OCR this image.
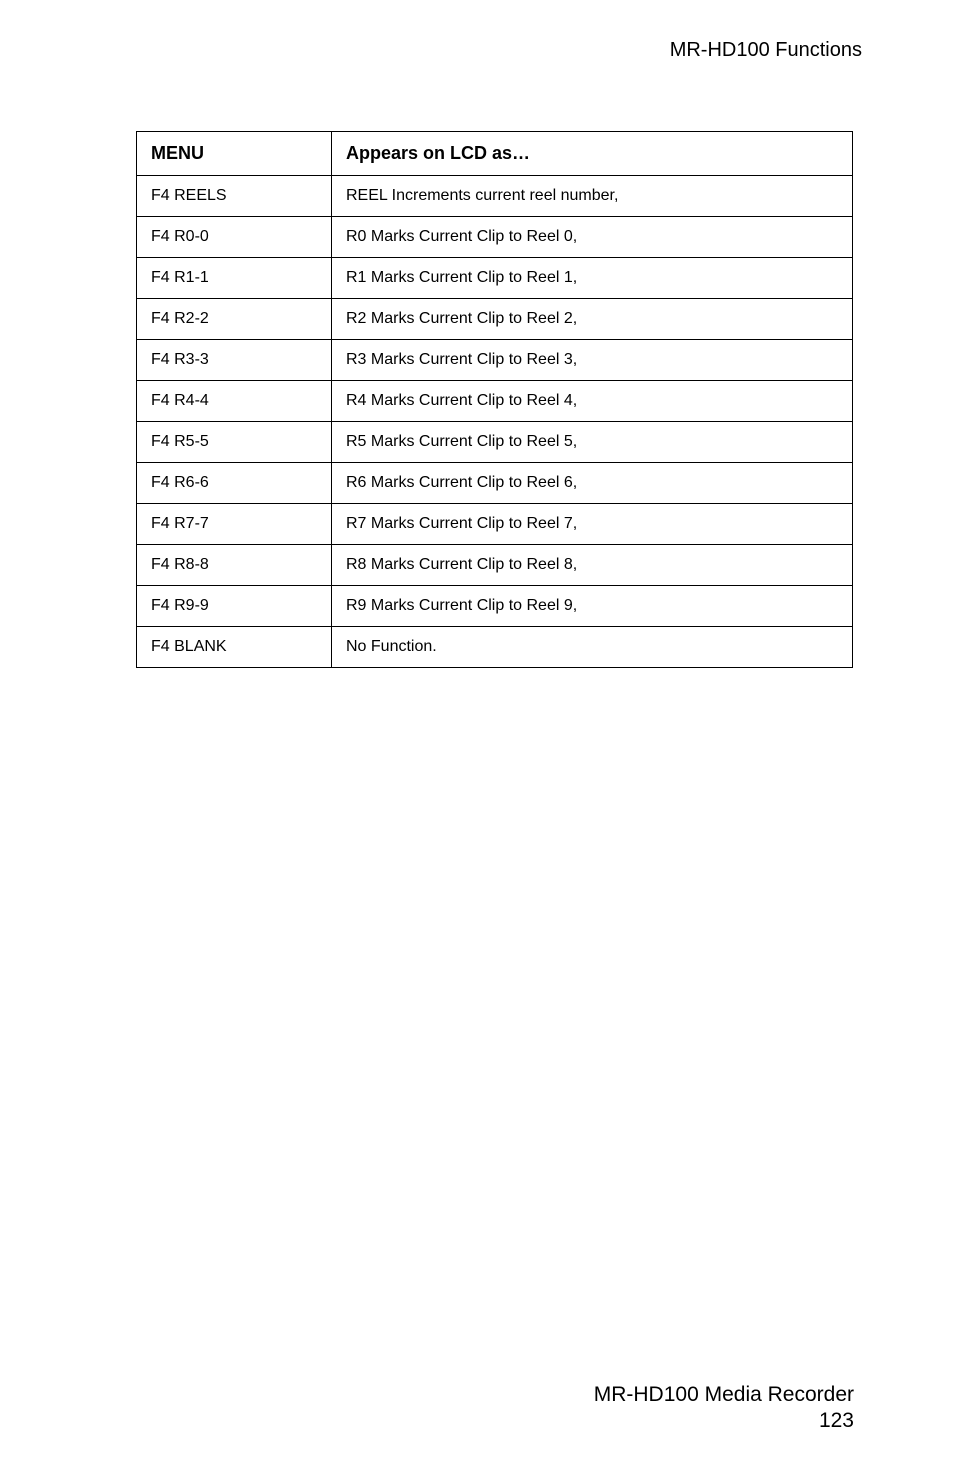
MR-HD100 Functions
MENU	Appears on LCD as…
F4 REELS	REEL Increments current reel number,
F4 R0-0	R0 Marks Current Clip to Reel 0,
F4 R1-1	R1 Marks Current Clip to Reel 1,
F4 R2-2	R2 Marks Current Clip to Reel 2,
F4 R3-3	R3 Marks Current Clip to Reel 3,
F4 R4-4	R4 Marks Current Clip to Reel 4,
F4 R5-5	R5 Marks Current Clip to Reel 5,
F4 R6-6	R6 Marks Current Clip to Reel 6,
F4 R7-7	R7 Marks Current Clip to Reel 7,
F4 R8-8	R8 Marks Current Clip to Reel 8,
F4 R9-9	R9 Marks Current Clip to Reel 9,
F4 BLANK	No Function.
MR-HD100 Media Recorder
123
